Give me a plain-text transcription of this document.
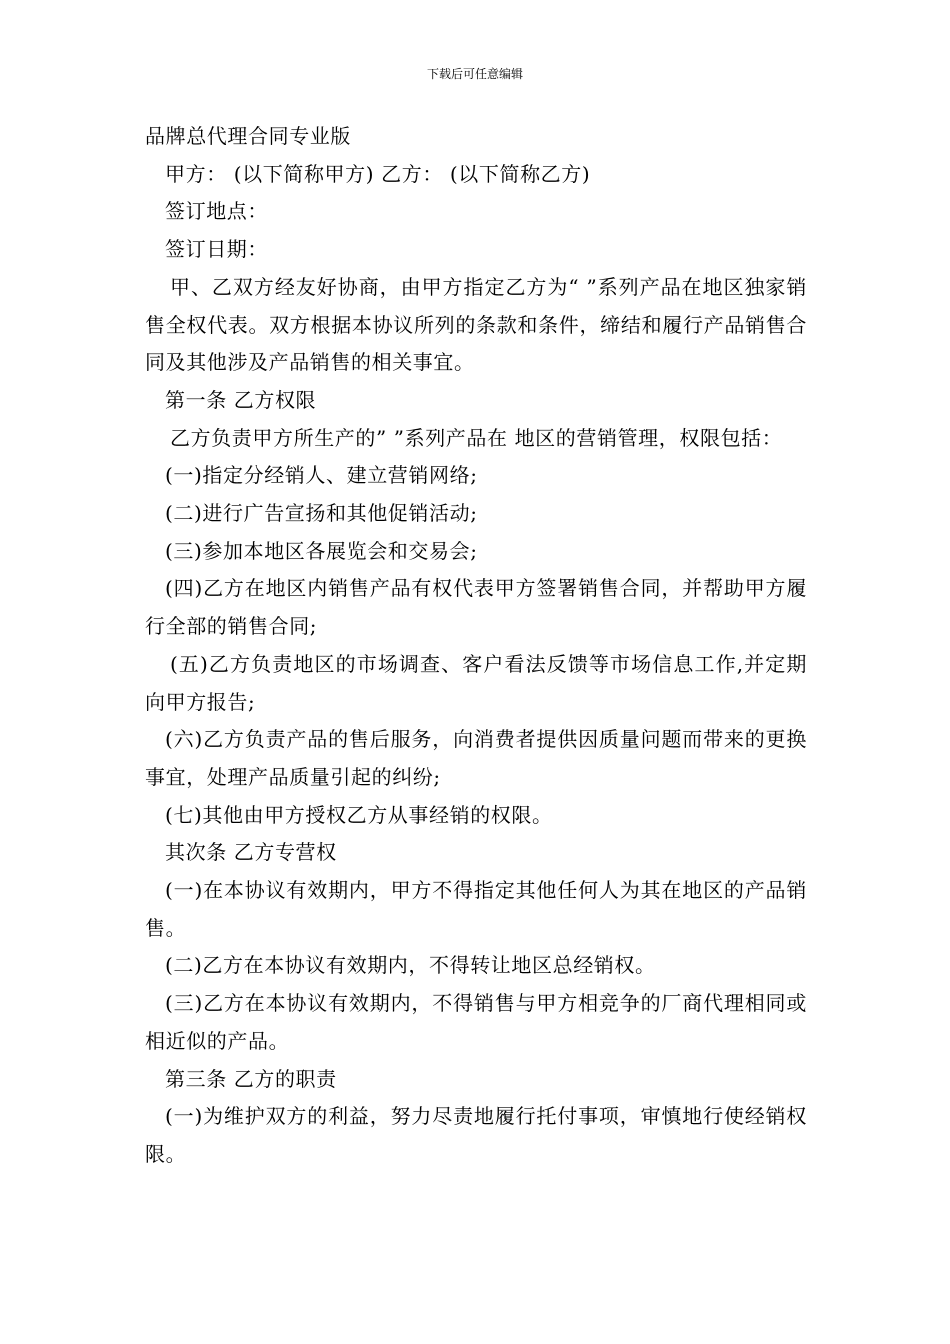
下载后可任意编辑

品牌总代理合同专业版

甲方： (以下简称甲方) 乙方： (以下简称乙方)

签订地点：

签订日期：

甲、乙双方经友好协商，由甲方指定乙方为“ ”系列产品在地区独家销售全权代表。双方根据本协议所列的条款和条件，缔结和履行产品销售合同及其他涉及产品销售的相关事宜。

第一条 乙方权限

乙方负责甲方所生产的” ”系列产品在 地区的营销管理，权限包括：

(一)指定分经销人、建立营销网络;

(二)进行广告宣扬和其他促销活动;

(三)参加本地区各展览会和交易会;

(四)乙方在地区内销售产品有权代表甲方签署销售合同，并帮助甲方履行全部的销售合同;

(五)乙方负责地区的市场调查、客户看法反馈等市场信息工作,并定期向甲方报告;

(六)乙方负责产品的售后服务，向消费者提供因质量问题而带来的更换事宜，处理产品质量引起的纠纷;

(七)其他由甲方授权乙方从事经销的权限。

其次条 乙方专营权

(一)在本协议有效期内，甲方不得指定其他任何人为其在地区的产品销售。

(二)乙方在本协议有效期内，不得转让地区总经销权。

(三)乙方在本协议有效期内，不得销售与甲方相竞争的厂商代理相同或相近似的产品。

第三条 乙方的职责

(一)为维护双方的利益，努力尽责地履行托付事项，审慎地行使经销权限。
